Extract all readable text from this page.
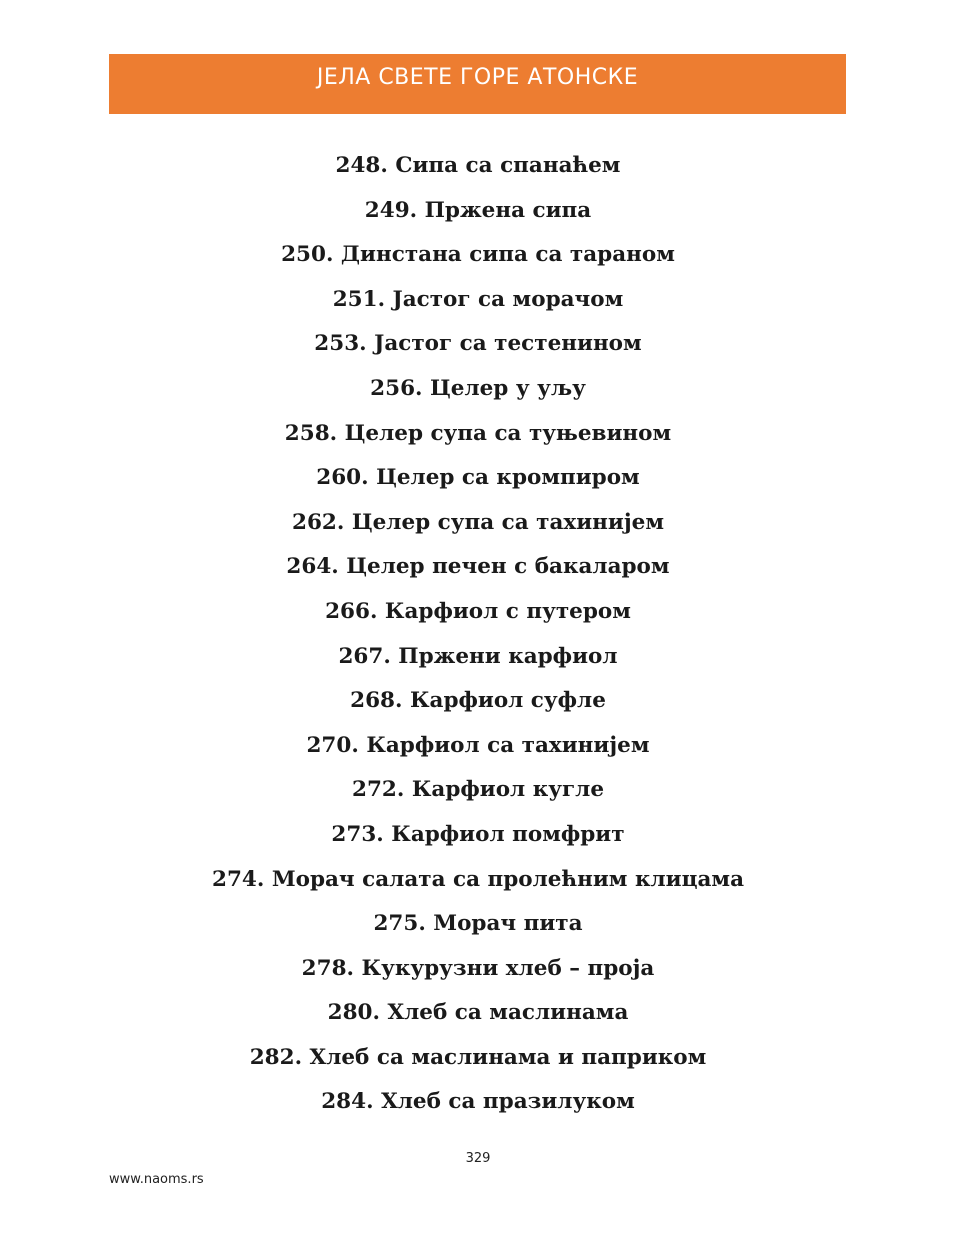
ЈЕЛА СВЕТЕ ГОРЕ АТОНСКЕ
248. Сипа са спанаћем
249. Пржена сипа
250. Динстана сипа са тараном
251. Јастог са морачом
253. Јастог са тестенином
256. Целер у уљу
258. Целер супа са туњевином
260. Целер са кромпиром
262. Целер супа са тахинијем
264. Целер печен с бакаларом
266. Карфиол с путером
267. Пржени карфиол
268. Карфиол суфле
270. Карфиол са тахинијем
272. Карфиол кугле
273. Карфиол помфрит
274. Морач салата са пролећним клицама
275. Морач пита
278. Кукурузни хлеб – проја
280. Хлеб са маслинама
282. Хлеб са маслинама и паприком
284. Хлеб са празилуком
329
www.naoms.rs
